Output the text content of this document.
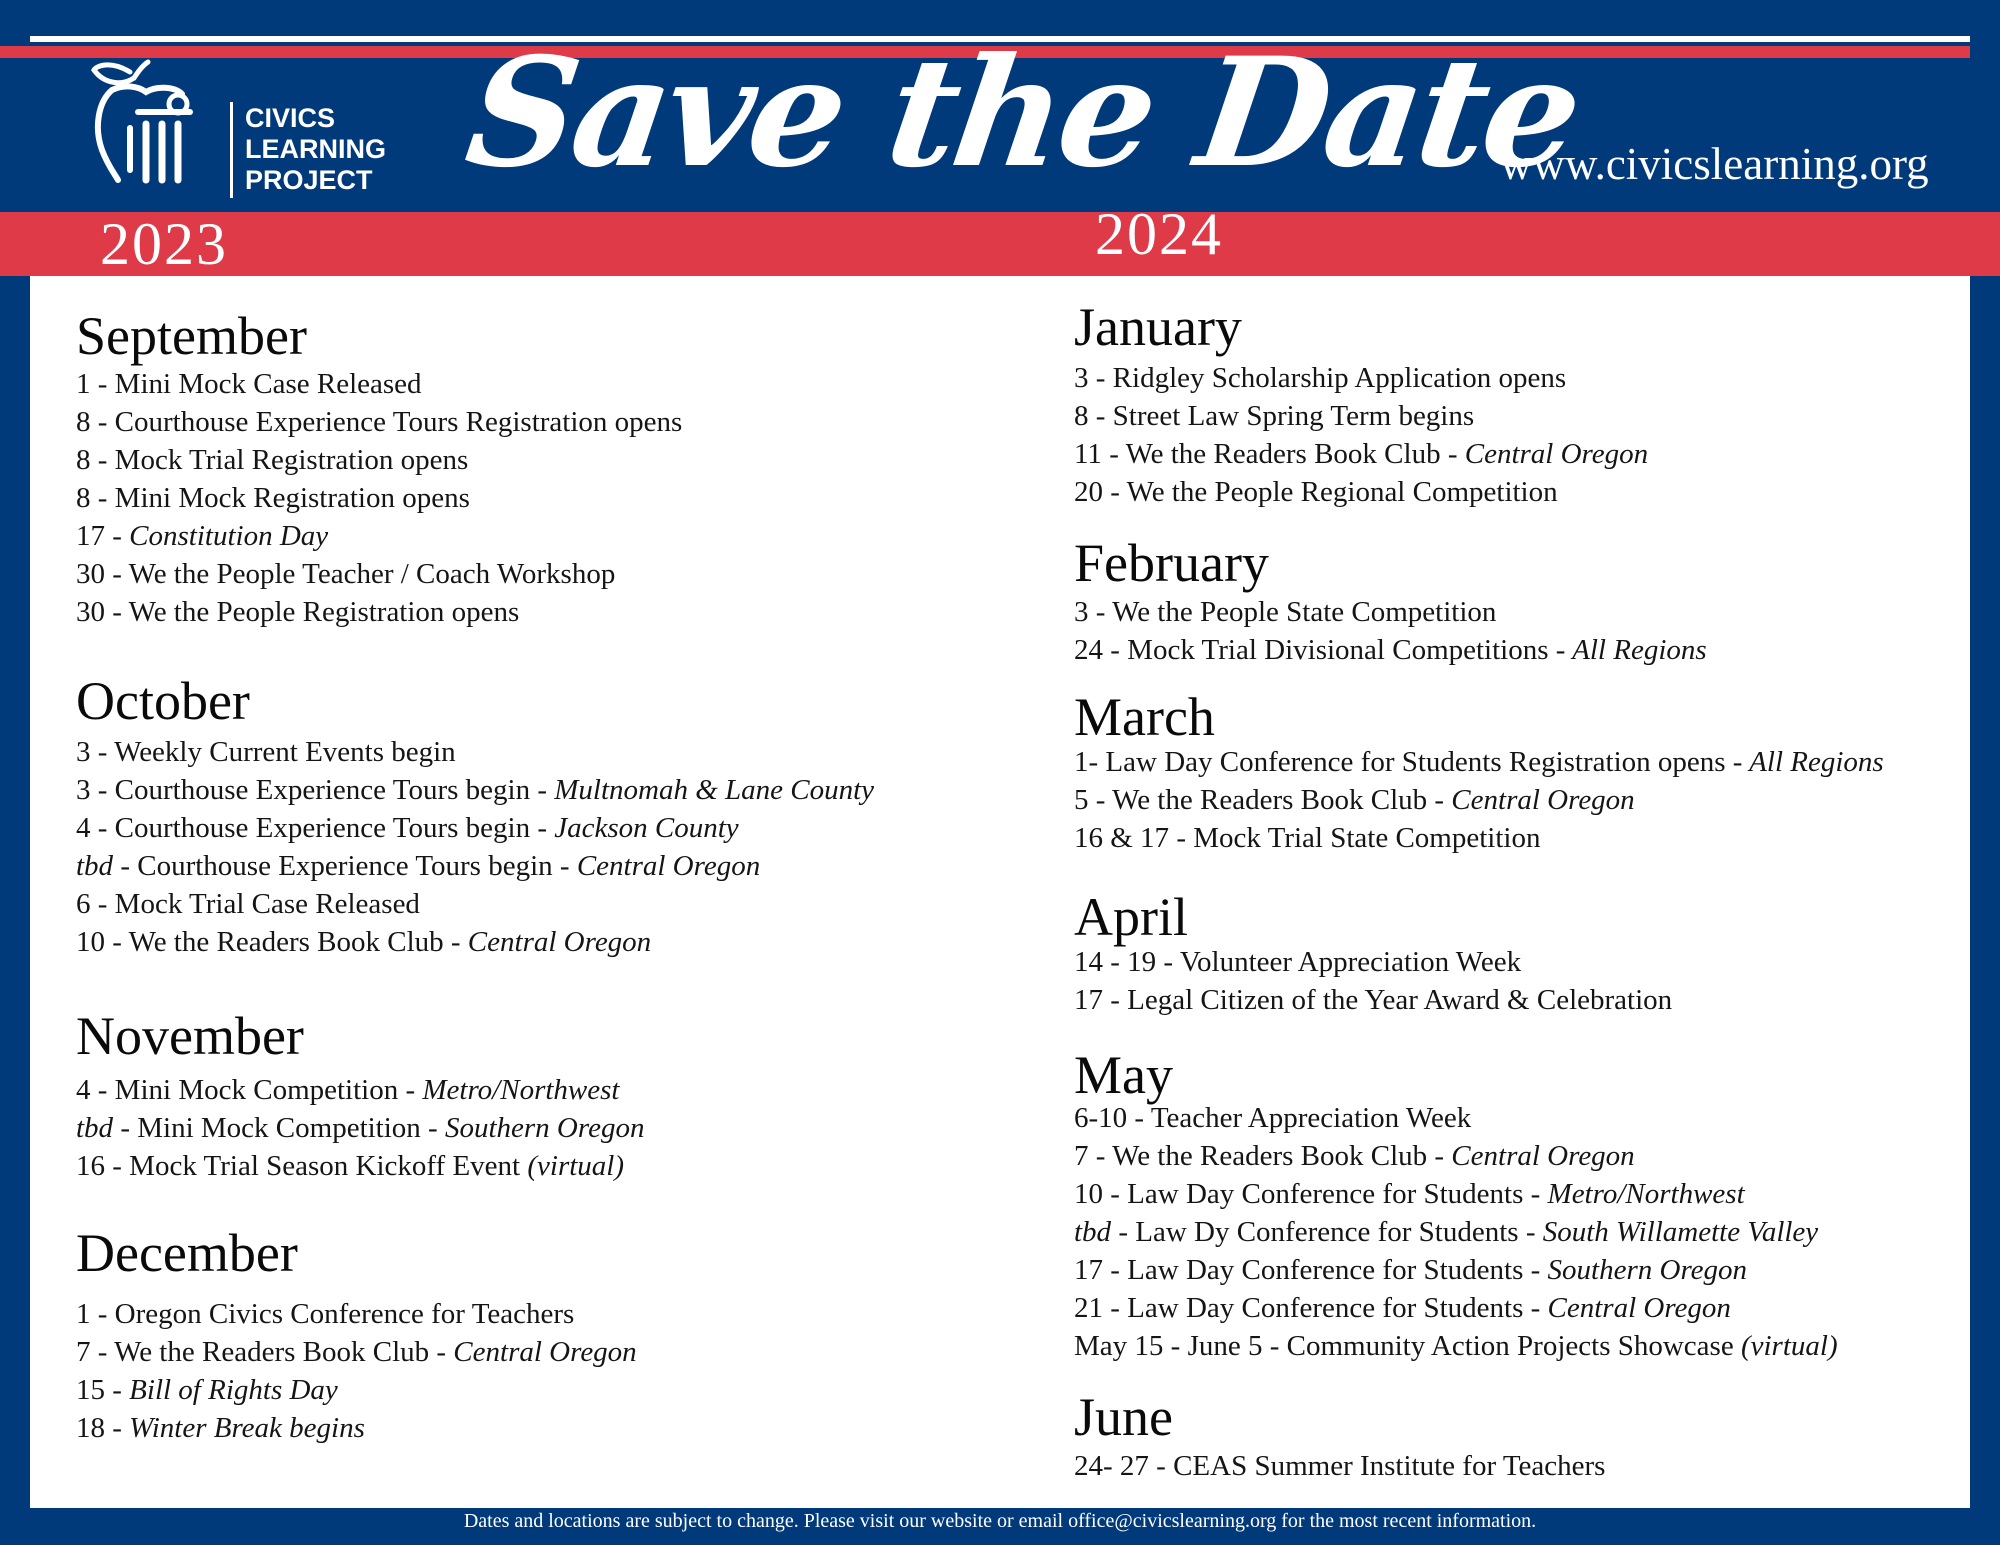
CIVICS
LEARNING
PROJECT Save the Date
www.civicslearning.org
2023	2024
September
1 - Mini Mock Case Released
8 - Courthouse Experience Tours Registration opens
8 - Mock Trial Registration opens
8 - Mini Mock Registration opens
17 - Constitution Day
30 - We the People Teacher / Coach Workshop
30 - We the People Registration opens
October
3 - Weekly Current Events begin
3 - Courthouse Experience Tours begin - Multnomah & Lane County
4 - Courthouse Experience Tours begin - Jackson County
tbd - Courthouse Experience Tours begin - Central Oregon
6 - Mock Trial Case Released
10 - We the Readers Book Club - Central Oregon
November
4 - Mini Mock Competition - Metro/Northwest
tbd - Mini Mock Competition - Southern Oregon
16 - Mock Trial Season Kickoff Event (virtual)
December
1 - Oregon Civics Conference for Teachers
7 - We the Readers Book Club - Central Oregon
15 - Bill of Rights Day
18 - Winter Break begins
January
3 - Ridgley Scholarship Application opens
8 - Street Law Spring Term begins
11 - We the Readers Book Club - Central Oregon
20 - We the People Regional Competition
February
3 - We the People State Competition
24 - Mock Trial Divisional Competitions - All Regions
March
1- Law Day Conference for Students Registration opens - All Regions
5 - We the Readers Book Club - Central Oregon
16 & 17 - Mock Trial State Competition
April
14 - 19 - Volunteer Appreciation Week
17 - Legal Citizen of the Year Award & Celebration
May
6-10 - Teacher Appreciation Week
7 - We the Readers Book Club - Central Oregon
10 - Law Day Conference for Students - Metro/Northwest
tbd - Law Dy Conference for Students - South Willamette Valley
17 - Law Day Conference for Students - Southern Oregon
21 - Law Day Conference for Students - Central Oregon
May 15 - June 5 - Community Action Projects Showcase (virtual)
June
24- 27 - CEAS Summer Institute for Teachers
Dates and locations are subject to change. Please visit our website or email office@civicslearning.org for the most recent information.
